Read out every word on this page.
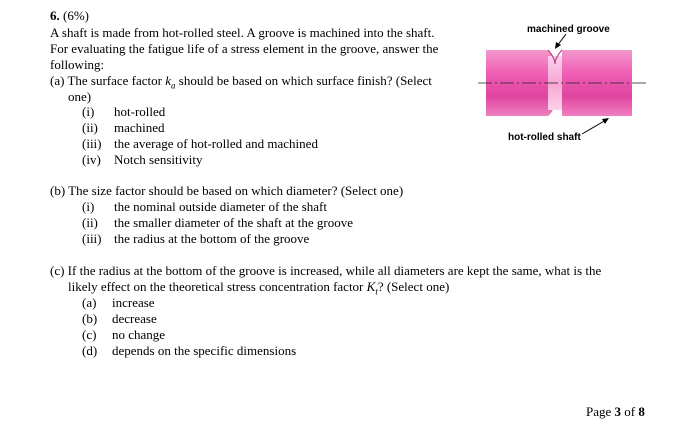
6. (6%)
A shaft is made from hot-rolled steel. A groove is machined into the shaft.
For evaluating the fatigue life of a stress element in the groove, answer the
following:
(a) The surface factor $k_a$ should be based on which surface finish? (Select
one)
(i) hot-rolled
(ii) machined
(iii) the average of hot-rolled and machined
(iv) Notch sensitivity
machined groove
hot-rolled shaft
(b) The size factor should be based on which diameter? (Select one)
(i) the nominal outside diameter of the shaft
(ii) the smaller diameter of the shaft at the groove
(iii) the radius at the bottom of the groove
(c) If the radius at the bottom of the groove is increased, while all diameters are kept the same, what is the
likely effect on the theoretical stress concentration factor $K_t$? (Select one)
(a) increase
(b) decrease
(c) no change
(d) depends on the specific dimensions
Page 3 of 8
